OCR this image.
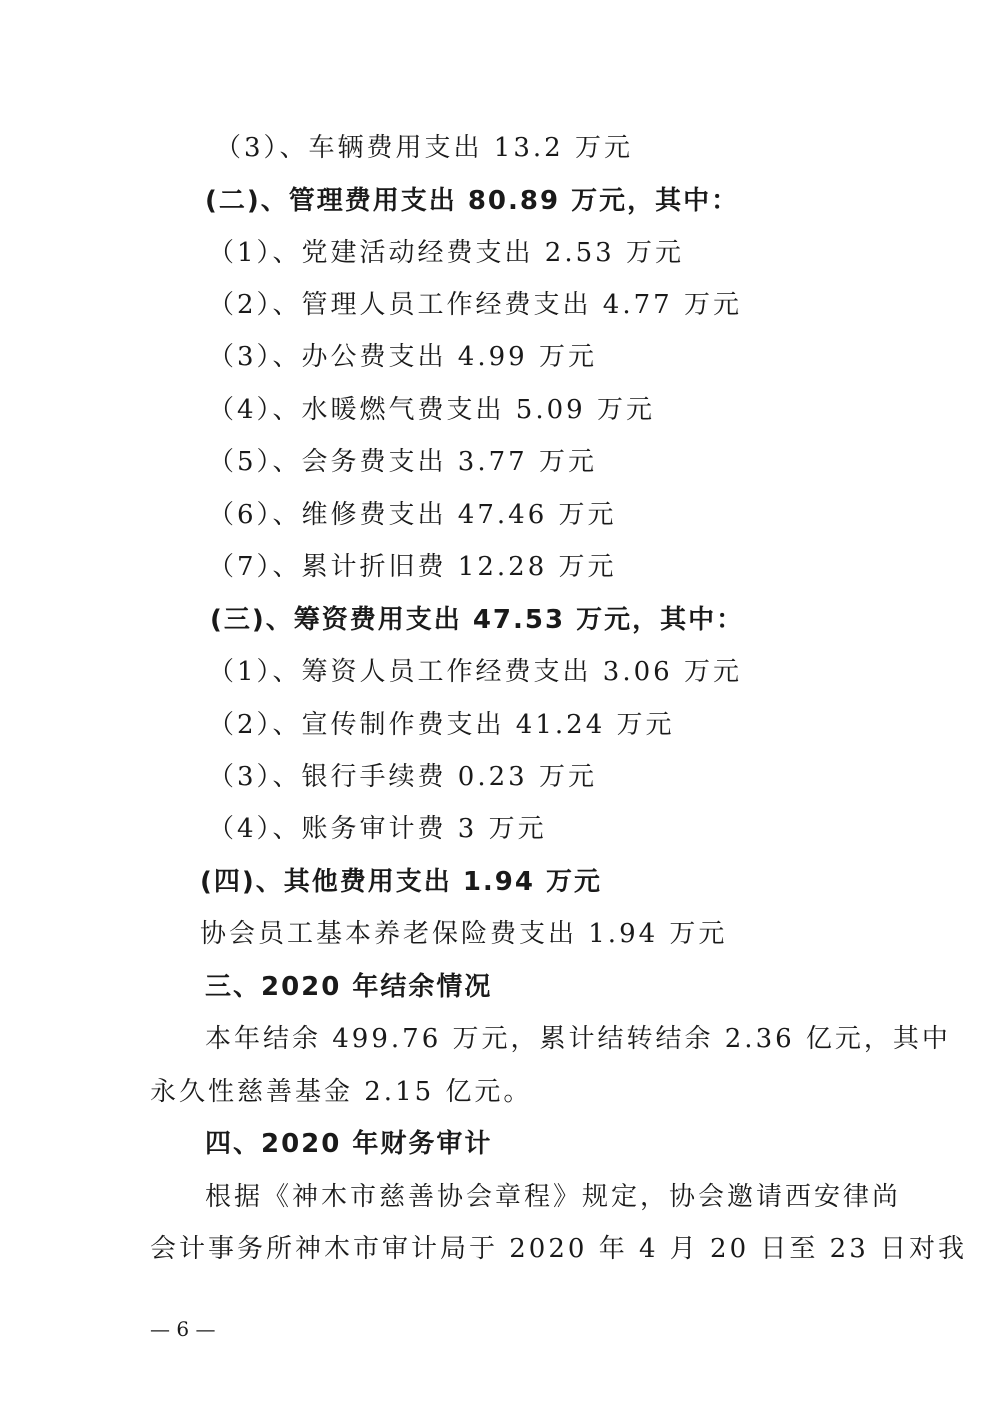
（3）、车辆费用支出 13.2 万元
(二)、管理费用支出 80.89 万元，其中：
（1）、党建活动经费支出 2.53 万元
（2）、管理人员工作经费支出 4.77 万元
（3）、办公费支出 4.99 万元
（4）、水暖燃气费支出 5.09 万元
（5）、会务费支出 3.77 万元
（6）、维修费支出 47.46 万元
（7）、累计折旧费 12.28 万元
(三)、筹资费用支出 47.53 万元，其中：
（1）、筹资人员工作经费支出 3.06 万元
（2）、宣传制作费支出 41.24 万元
（3）、银行手续费 0.23 万元
（4）、账务审计费 3 万元
(四)、其他费用支出 1.94 万元
协会员工基本养老保险费支出 1.94 万元
三、2020 年结余情况
本年结余 499.76 万元，累计结转结余 2.36 亿元，其中
永久性慈善基金 2.15 亿元。
四、2020 年财务审计
根据《神木市慈善协会章程》规定，协会邀请西安律尚
会计事务所神木市审计局于 2020 年 4 月 20 日至 23 日对我
— 6 —
